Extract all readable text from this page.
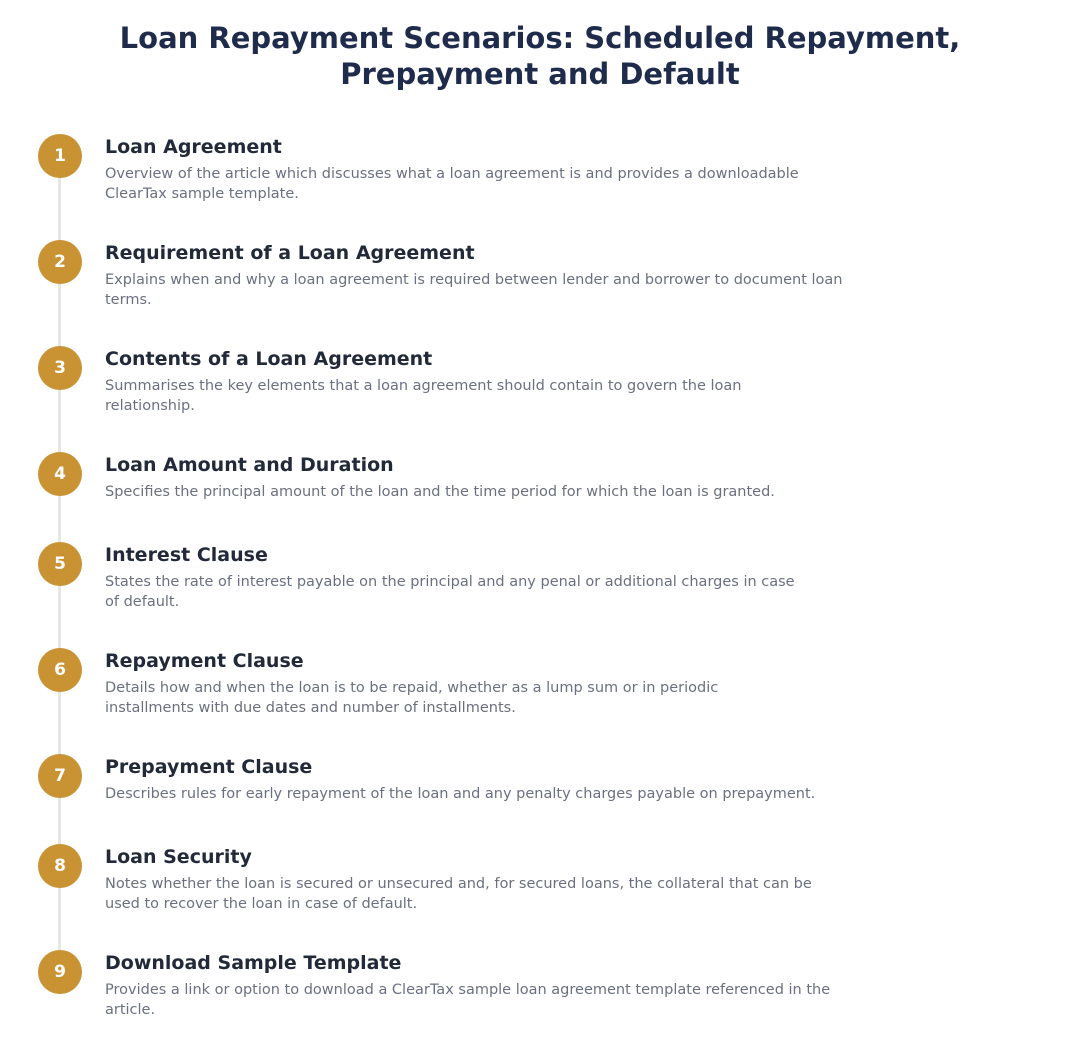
Loan Repayment Scenarios: Scheduled Repayment, Prepayment and Default
1	Loan Agreement

Overview of the article which discusses what a loan agreement is and provides a downloadable ClearTax sample template.

2	Requirement of a Loan Agreement

Explains when and why a loan agreement is required between lender and borrower to document loan terms.

3	Contents of a Loan Agreement

Summarises the key elements that a loan agreement should contain to govern the loan relationship.

4	Loan Amount and Duration

Specifies the principal amount of the loan and the time period for which the loan is granted.

5	Interest Clause

States the rate of interest payable on the principal and any penal or additional charges in case of default.

6	Repayment Clause

Details how and when the loan is to be repaid, whether as a lump sum or in periodic installments with due dates and number of installments.

7	Prepayment Clause

Describes rules for early repayment of the loan and any penalty charges payable on prepayment.

8	Loan Security

Notes whether the loan is secured or unsecured and, for secured loans, the collateral that can be used to recover the loan in case of default.

9	Download Sample Template

Provides a link or option to download a ClearTax sample loan agreement template referenced in the article.
